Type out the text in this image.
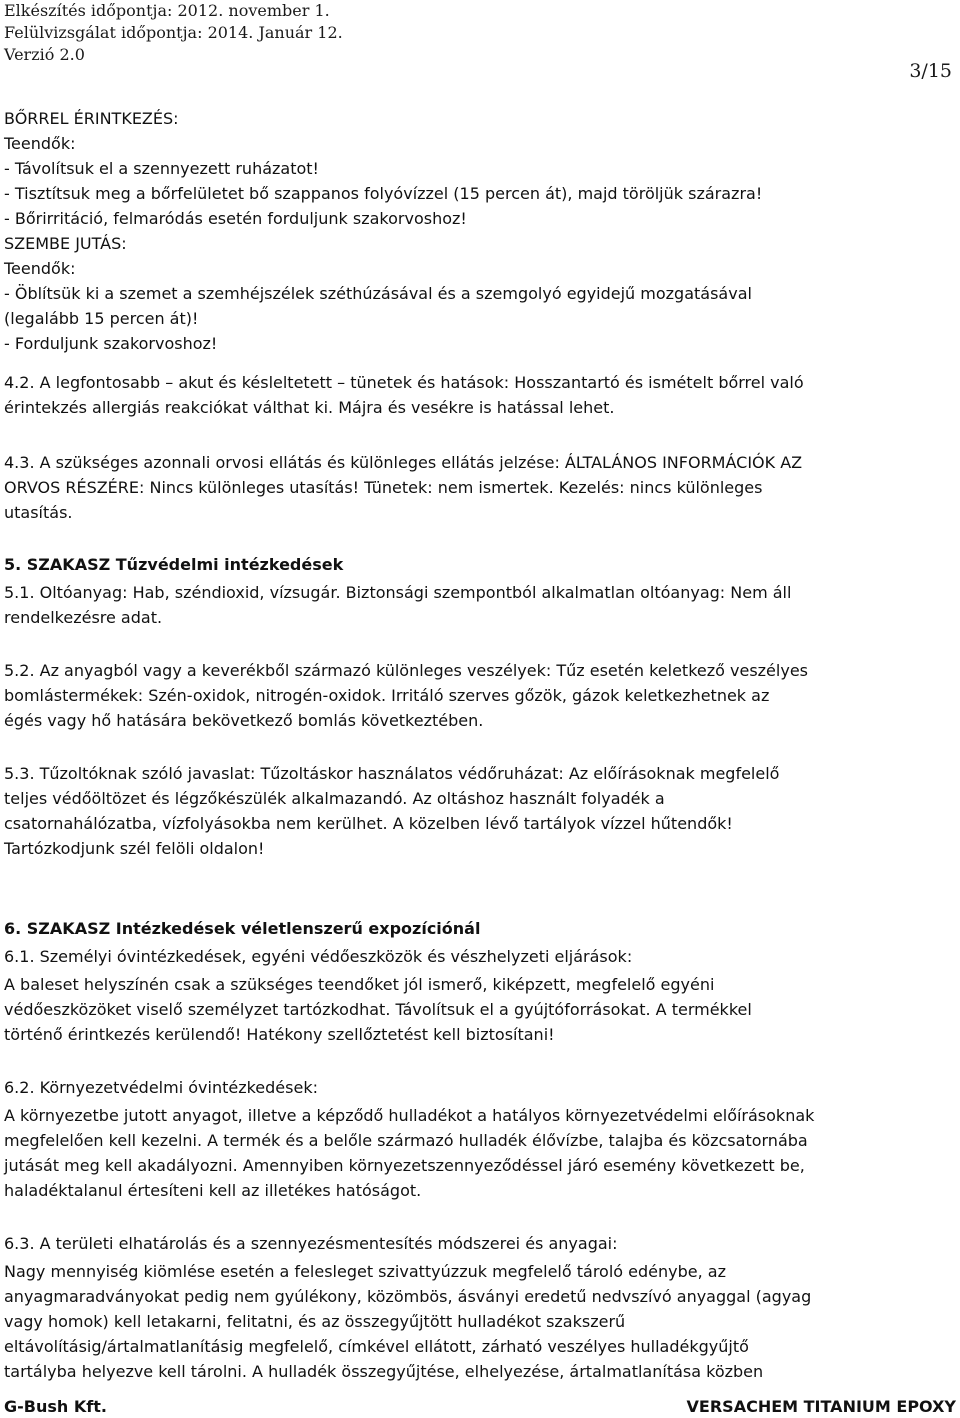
Elkészítés időpontja: 2012. november 1.
Felülvizsgálat időpontja: 2014. Január 12.
Verzió 2.0
3/15
BŐRREL ÉRINTKEZÉS:
Teendők:
- Távolítsuk el a szennyezett ruházatot!
- Tisztítsuk meg a bőrfelületet bő szappanos folyóvízzel (15 percen át), majd töröljük szárazra!
- Bőrirritáció, felmaródás esetén forduljunk szakorvoshoz!
SZEMBE JUTÁS:
Teendők:
- Öblítsük ki a szemet a szemhéjszélek széthúzásával és a szemgolyó egyidejű mozgatásával
(legalább 15 percen át)!
- Forduljunk szakorvoshoz!
4.2. A legfontosabb – akut és késleltetett – tünetek és hatások: Hosszantartó és ismételt bőrrel való
érintekzés allergiás reakciókat válthat ki. Májra és vesékre is hatással lehet.
4.3. A szükséges azonnali orvosi ellátás és különleges ellátás jelzése: ÁLTALÁNOS INFORMÁCIÓK AZ
ORVOS RÉSZÉRE: Nincs különleges utasítás! Tünetek: nem ismertek. Kezelés: nincs különleges
utasítás.
5. SZAKASZ Tűzvédelmi intézkedések
5.1. Oltóanyag: Hab, széndioxid, vízsugár. Biztonsági szempontból alkalmatlan oltóanyag: Nem áll
rendelkezésre adat.
5.2. Az anyagból vagy a keverékből származó különleges veszélyek: Tűz esetén keletkező veszélyes
bomlástermékek: Szén-oxidok, nitrogén-oxidok. Irritáló szerves gőzök, gázok keletkezhetnek az
égés vagy hő hatására bekövetkező bomlás következtében.
5.3. Tűzoltóknak szóló javaslat: Tűzoltáskor használatos védőruházat: Az előírásoknak megfelelő
teljes védőöltözet és légzőkészülék alkalmazandó. Az oltáshoz használt folyadék a
csatornahálózatba, vízfolyásokba nem kerülhet. A közelben lévő tartályok vízzel hűtendők!
Tartózkodjunk szél felöli oldalon!
6. SZAKASZ Intézkedések véletlenszerű expozíciónál
6.1. Személyi óvintézkedések, egyéni védőeszközök és vészhelyzeti eljárások:
A baleset helyszínén csak a szükséges teendőket jól ismerő, kiképzett, megfelelő egyéni
védőeszközöket viselő személyzet tartózkodhat. Távolítsuk el a gyújtóforrásokat. A termékkel
történő érintkezés kerülendő! Hatékony szellőztetést kell biztosítani!
6.2. Környezetvédelmi óvintézkedések:
A környezetbe jutott anyagot, illetve a képződő hulladékot a hatályos környezetvédelmi előírásoknak
megfelelően kell kezelni. A termék és a belőle származó hulladék élővízbe, talajba és közcsatornába
jutását meg kell akadályozni. Amennyiben környezetszennyeződéssel járó esemény következett be,
haladéktalanul értesíteni kell az illetékes hatóságot.
6.3. A területi elhatárolás és a szennyezésmentesítés módszerei és anyagai:
Nagy mennyiség kiömlése esetén a felesleget szivattyúzzuk megfelelő tároló edénybe, az
anyagmaradványokat pedig nem gyúlékony, közömbös, ásványi eredetű nedvszívó anyaggal (agyag
vagy homok) kell letakarni, felitatni, és az összegyűjtött hulladékot szakszerű
eltávolításig/ártalmatlanításig megfelelő, címkével ellátott, zárható veszélyes hulladékgyűjtő
tartályba helyezve kell tárolni. A hulladék összegyűjtése, elhelyezése, ártalmatlanítása közben
G-Bush Kft.	VERSACHEM TITANIUM EPOXY
